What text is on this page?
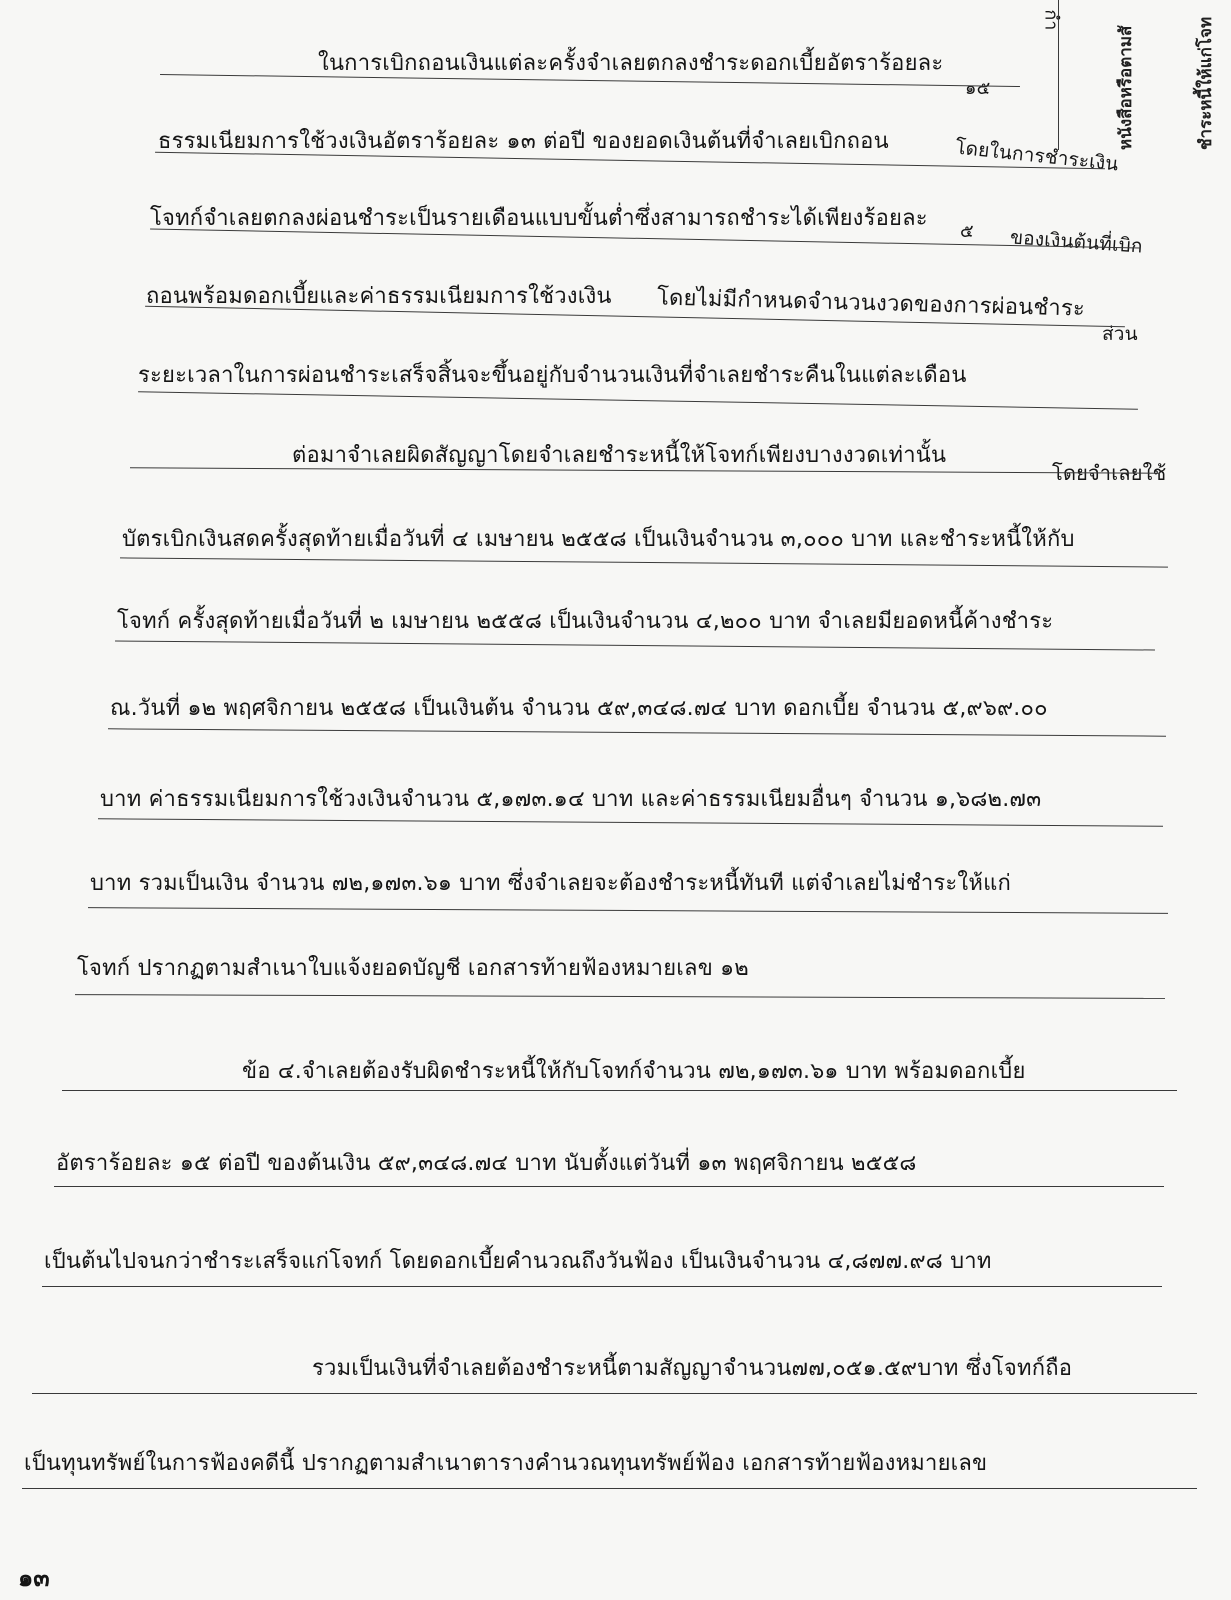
กำ
หนังสือหรือตามสั	ชำระหนี้ให้แก่โจท
ในการเบิกถอนเงินแต่ละครั้งจำเลยตกลงชำระดอกเบี้ยอัตราร้อยละ
๑๕
ธรรมเนียมการใช้วงเงินอัตราร้อยละ ๑๓ ต่อปี ของยอดเงินต้นที่จำเลยเบิกถอน	โดยในการชำระเงิน
โจทก์จำเลยตกลงผ่อนชำระเป็นรายเดือนแบบขั้นต่ำซึ่งสามารถชำระได้เพียงร้อยละ
๕ ของเงินต้นที่เบิก
ถอนพร้อมดอกเบี้ยและค่าธรรมเนียมการใช้วงเงิน โดยไม่มีกำหนดจำนวนงวดของการผ่อนชำระ
ส่วน
ระยะเวลาในการผ่อนชำระเสร็จสิ้นจะขึ้นอยู่กับจำนวนเงินที่จำเลยชำระคืนในแต่ละเดือน
ต่อมาจำเลยผิดสัญญาโดยจำเลยชำระหนี้ให้โจทก์เพียงบางงวดเท่านั้น
โดยจำเลยใช้
บัตรเบิกเงินสดครั้งสุดท้ายเมื่อวันที่ ๔ เมษายน ๒๕๕๘ เป็นเงินจำนวน ๓,๐๐๐ บาท และชำระหนี้ให้กับ
โจทก์ ครั้งสุดท้ายเมื่อวันที่ ๒ เมษายน ๒๕๕๘ เป็นเงินจำนวน ๔,๒๐๐ บาท จำเลยมียอดหนี้ค้างชำระ
ณ.วันที่ ๑๒ พฤศจิกายน ๒๕๕๘ เป็นเงินต้น จำนวน ๕๙,๓๔๘.๗๔ บาท ดอกเบี้ย จำนวน ๕,๙๖๙.๐๐
บาท ค่าธรรมเนียมการใช้วงเงินจำนวน ๕,๑๗๓.๑๔ บาท และค่าธรรมเนียมอื่นๆ จำนวน ๑,๖๘๒.๗๓
บาท รวมเป็นเงิน จำนวน ๗๒,๑๗๓.๖๑ บาท ซึ่งจำเลยจะต้องชำระหนี้ทันที แต่จำเลยไม่ชำระให้แก่
โจทก์ ปรากฏตามสำเนาใบแจ้งยอดบัญชี เอกสารท้ายฟ้องหมายเลข ๑๒
ข้อ ๔.จำเลยต้องรับผิดชำระหนี้ให้กับโจทก์จำนวน ๗๒,๑๗๓.๖๑ บาท พร้อมดอกเบี้ย
อัตราร้อยละ ๑๕ ต่อปี ของต้นเงิน ๕๙,๓๔๘.๗๔ บาท นับตั้งแต่วันที่ ๑๓ พฤศจิกายน ๒๕๕๘
เป็นต้นไปจนกว่าชำระเสร็จแก่โจทก์ โดยดอกเบี้ยคำนวณถึงวันฟ้อง เป็นเงินจำนวน ๔,๘๗๗.๙๘ บาท
รวมเป็นเงินที่จำเลยต้องชำระหนี้ตามสัญญาจำนวน๗๗,๐๕๑.๕๙บาท ซึ่งโจทก์ถือ
เป็นทุนทรัพย์ในการฟ้องคดีนี้ ปรากฏตามสำเนาตารางคำนวณทุนทรัพย์ฟ้อง เอกสารท้ายฟ้องหมายเลข
๑๓
